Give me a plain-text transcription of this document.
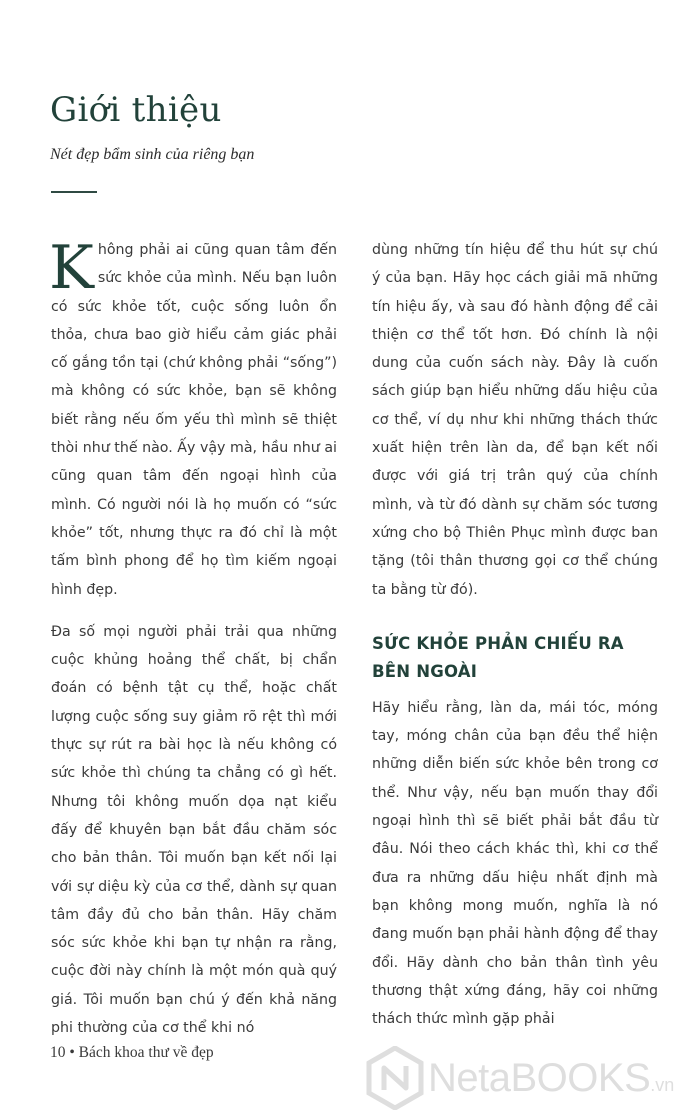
Giới thiệu
Nét đẹp bẩm sinh của riêng bạn

Không phải ai cũng quan tâm đến sức khỏe của mình. Nếu bạn luôn có sức khỏe tốt, cuộc sống luôn ổn thỏa, chưa bao giờ hiểu cảm giác phải cố gắng tồn tại (chứ không phải “sống”) mà không có sức khỏe, bạn sẽ không biết rằng nếu ốm yếu thì mình sẽ thiệt thòi như thế nào. Ấy vậy mà, hầu như ai cũng quan tâm đến ngoại hình của mình. Có người nói là họ muốn có “sức khỏe” tốt, nhưng thực ra đó chỉ là một tấm bình phong để họ tìm kiếm ngoại hình đẹp.

Đa số mọi người phải trải qua những cuộc khủng hoảng thể chất, bị chẩn đoán có bệnh tật cụ thể, hoặc chất lượng cuộc sống suy giảm rõ rệt thì mới thực sự rút ra bài học là nếu không có sức khỏe thì chúng ta chẳng có gì hết. Nhưng tôi không muốn dọa nạt kiểu đấy để khuyên bạn bắt đầu chăm sóc cho bản thân. Tôi muốn bạn kết nối lại với sự diệu kỳ của cơ thể, dành sự quan tâm đầy đủ cho bản thân. Hãy chăm sóc sức khỏe khi bạn tự nhận ra rằng, cuộc đời này chính là một món quà quý giá. Tôi muốn bạn chú ý đến khả năng phi thường của cơ thể khi nó

dùng những tín hiệu để thu hút sự chú ý của bạn. Hãy học cách giải mã những tín hiệu ấy, và sau đó hành động để cải thiện cơ thể tốt hơn. Đó chính là nội dung của cuốn sách này. Đây là cuốn sách giúp bạn hiểu những dấu hiệu của cơ thể, ví dụ như khi những thách thức xuất hiện trên làn da, để bạn kết nối được với giá trị trân quý của chính mình, và từ đó dành sự chăm sóc tương xứng cho bộ Thiên Phục mình được ban tặng (tôi thân thương gọi cơ thể chúng ta bằng từ đó).

SỨC KHỎE PHẢN CHIẾU RA BÊN NGOÀI

Hãy hiểu rằng, làn da, mái tóc, móng tay, móng chân của bạn đều thể hiện những diễn biến sức khỏe bên trong cơ thể. Như vậy, nếu bạn muốn thay đổi ngoại hình thì sẽ biết phải bắt đầu từ đâu. Nói theo cách khác thì, khi cơ thể đưa ra những dấu hiệu nhất định mà bạn không mong muốn, nghĩa là nó đang muốn bạn phải hành động để thay đổi. Hãy dành cho bản thân tình yêu thương thật xứng đáng, hãy coi những thách thức mình gặp phải

10 • Bách khoa thư về đẹp
NetaBOOKS .vn
